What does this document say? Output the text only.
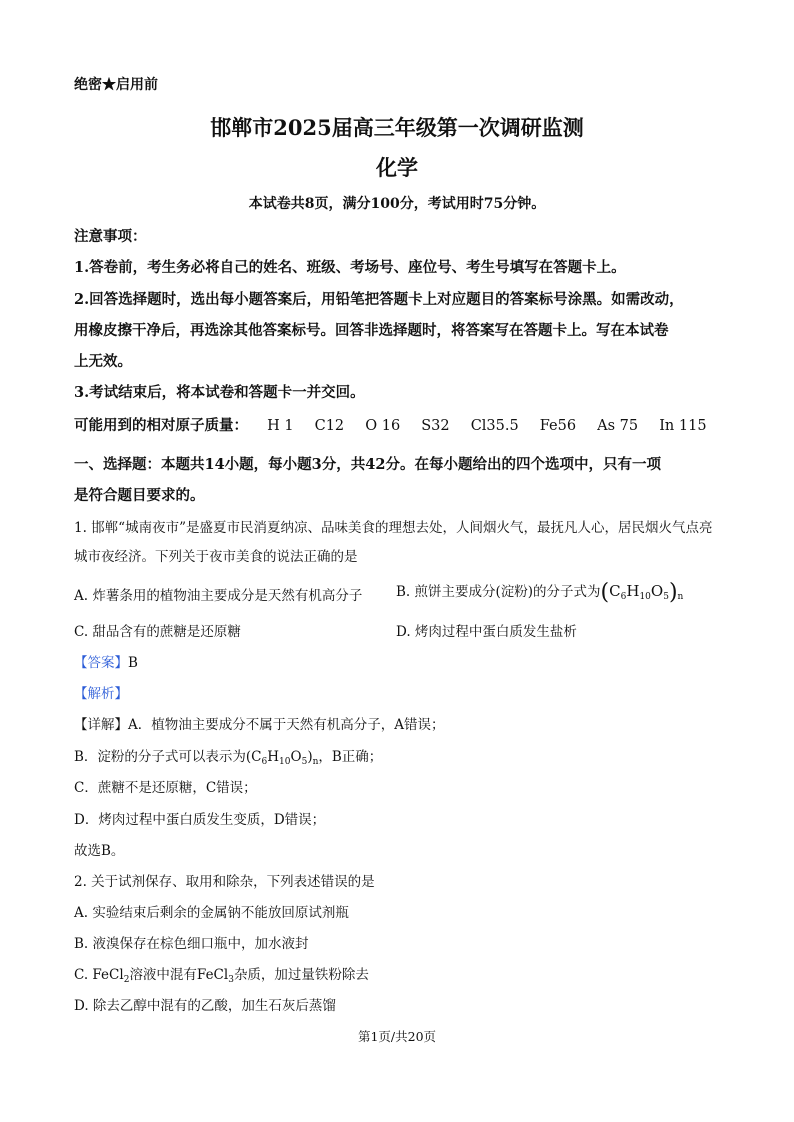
绝密★启用前
邯郸市2025届高三年级第一次调研监测
化学
本试卷共8页，满分100分，考试用时75分钟。
注意事项：
1.答卷前，考生务必将自己的姓名、班级、考场号、座位号、考生号填写在答题卡上。
2.回答选择题时，选出每小题答案后，用铅笔把答题卡上对应题目的答案标号涂黑。如需改动，
用橡皮擦干净后，再选涂其他答案标号。回答非选择题时，将答案写在答题卡上。写在本试卷
上无效。
3.考试结束后，将本试卷和答题卡一并交回。
可能用到的相对原子质量： H 1 C12 O 16 S32 Cl35.5 Fe56 As 75 In 115
一、选择题：本题共14小题，每小题3分，共42分。在每小题给出的四个选项中，只有一项
是符合题目要求的。
1. 邯郸“城南夜市”是盛夏市民消夏纳凉、品味美食的理想去处，人间烟火气，最抚凡人心，居民烟火气点亮
城市夜经济。下列关于夜市美食的说法正确的是
A. 炸薯条用的植物油主要成分是天然有机高分子 B. 煎饼主要成分(淀粉)的分子式为$(C_6H_{10}O_5)_n$
C. 甜品含有的蔗糖是还原糖	D. 烤肉过程中蛋白质发生盐析
【答案】B
【解析】
【详解】A．植物油主要成分不属于天然有机高分子，A错误；
B．淀粉的分子式可以表示为$(C_6H_{10}O_5)_n$，B正确；
C．蔗糖不是还原糖，C错误；
D．烤肉过程中蛋白质发生变质，D错误；
故选B。
2. 关于试剂保存、取用和除杂，下列表述错误的是
A. 实验结束后剩余的金属钠不能放回原试剂瓶
B. 液溴保存在棕色细口瓶中，加水液封
C. FeCl$_2$溶液中混有FeCl$_3$杂质，加过量铁粉除去
D. 除去乙醇中混有的乙酸，加生石灰后蒸馏
第1页/共20页
